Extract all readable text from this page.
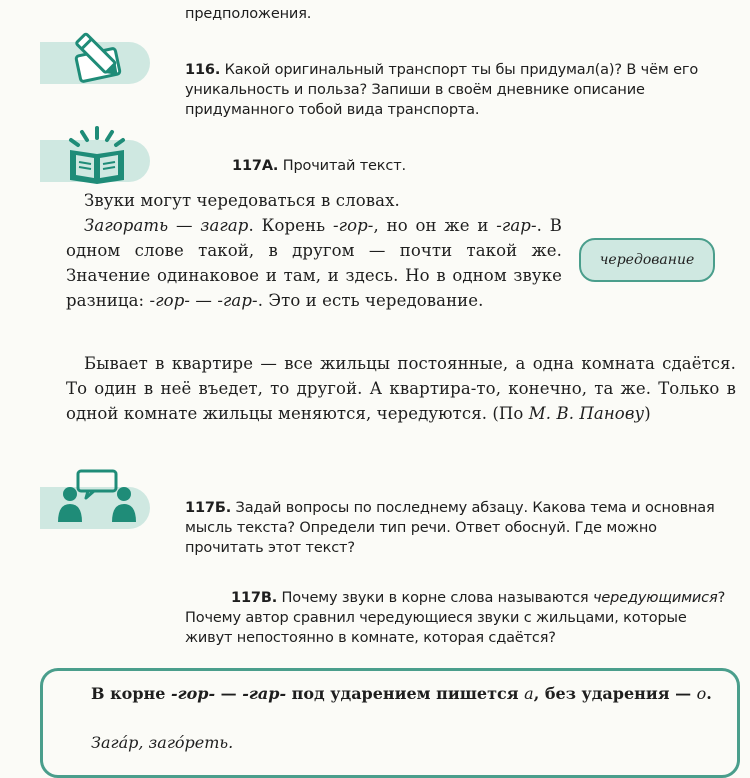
предположения.
116. Какой оригинальный транспорт ты бы придумал(а)? В чём его уникальность и польза? Запиши в своём дневнике описание придуманного тобой вида транспорта.
117А. Прочитай текст.
Звуки могут чередоваться в словах.
Загорать — загар. Корень -гор-, но он же и -гар-. В одном слове такой, в другом — почти такой же. Значение одинаковое и там, и здесь. Но в одном звуке разница: -гор- — -гар-. Это и есть чередование.
чередование
Бывает в квартире — все жильцы постоянные, а одна комната сдаётся. То один в неё въедет, то другой. А квартира-то, конечно, та же. Только в одной комнате жильцы меняются, чередуются. (По М. В. Панову)
117Б. Задай вопросы по последнему абзацу. Какова тема и основная мысль текста? Определи тип речи. Ответ обоснуй. Где можно прочитать этот текст?
117В. Почему звуки в корне слова называются чередующимися? Почему автор сравнил чередующиеся звуки с жильцами, которые живут непостоянно в комнате, которая сдаётся?
В корне -гор- — -гар- под ударением пишется а, без ударения — о.
Зага́р, заго́реть.
